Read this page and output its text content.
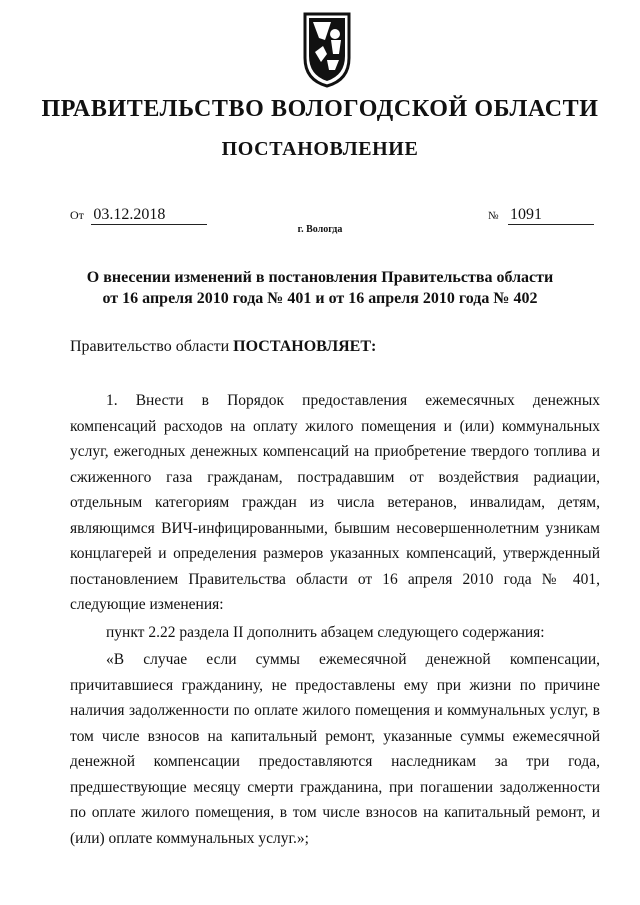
ПРАВИТЕЛЬСТВО ВОЛОГОДСКОЙ ОБЛАСТИ
ПОСТАНОВЛЕНИЕ
От 03.12.2018	№ 1091
г. Вологда
О внесении изменений в постановления Правительства области
от 16 апреля 2010 года № 401 и от 16 апреля 2010 года № 402
Правительство области ПОСТАНОВЛЯЕТ:

1. Внести в Порядок предоставления ежемесячных денежных компенсаций расходов на оплату жилого помещения и (или) коммунальных услуг, ежегодных денежных компенсаций на приобретение твердого топлива и сжиженного газа гражданам, пострадавшим от воздействия радиации, отдельным категориям граждан из числа ветеранов, инвалидам, детям, являющимся ВИЧ-инфицированными, бывшим несовершеннолетним узникам концлагерей и определения размеров указанных компенсаций, утвержденный постановлением Правительства области от 16 апреля 2010 года № 401, следующие изменения:

пункт 2.22 раздела II дополнить абзацем следующего содержания:

«В случае если суммы ежемесячной денежной компенсации, причитавшиеся гражданину, не предоставлены ему при жизни по причине наличия задолженности по оплате жилого помещения и коммунальных услуг, в том числе взносов на капитальный ремонт, указанные суммы ежемесячной денежной компенсации предоставляются наследникам за три года, предшествующие месяцу смерти гражданина, при погашении задолженности по оплате жилого помещения, в том числе взносов на капитальный ремонт, и (или) оплате коммунальных услуг.»;
